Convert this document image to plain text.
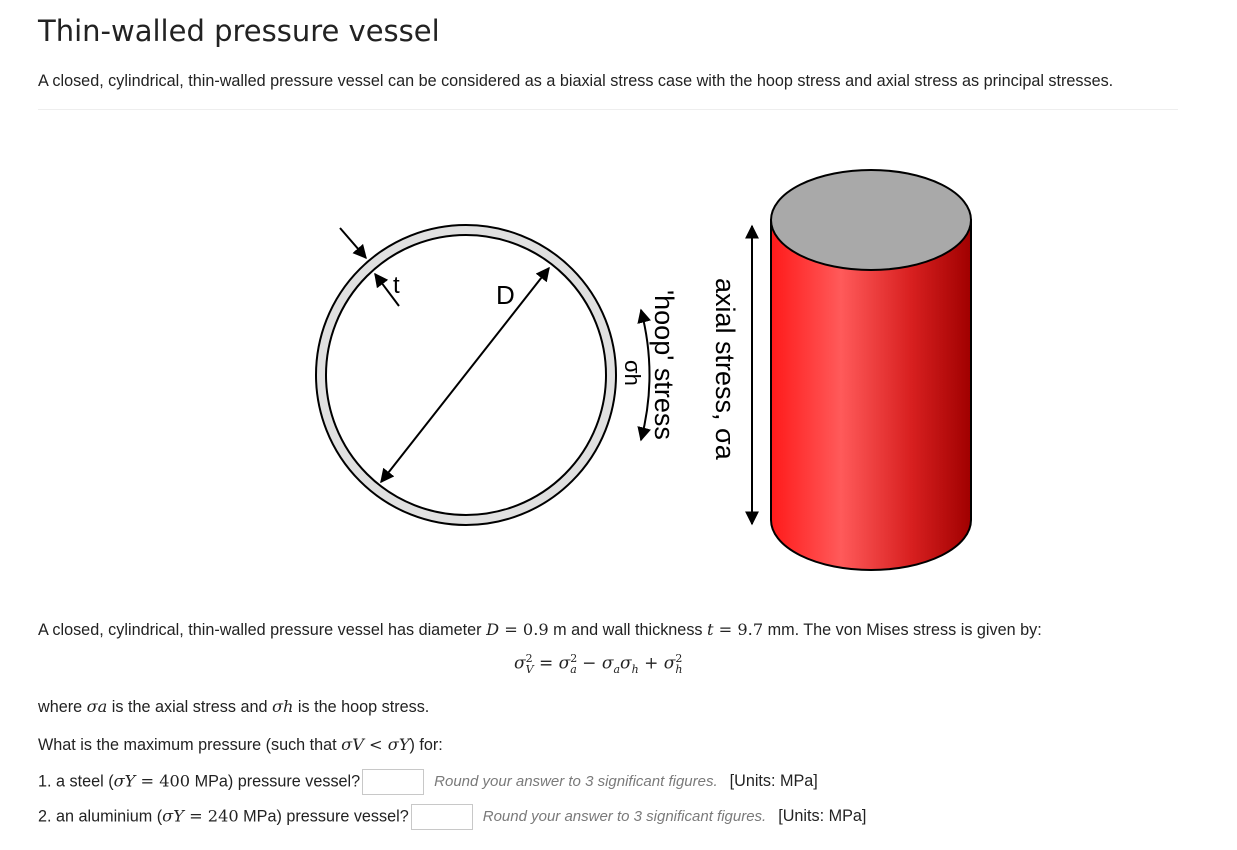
Thin-walled pressure vessel

A closed, cylindrical, thin-walled pressure vessel can be considered as a biaxial stress case with the hoop stress and axial stress as principal stresses.

t	D
σh 'hoop' stress axial stress, σa

A closed, cylindrical, thin-walled pressure vessel has diameter D = 0.9 m and wall thickness t = 9.7 mm. The von Mises stress is given by:

$\sigma^2_V = \sigma^2_a - \sigma_a\sigma_h + \sigma^2_h$

where σa is the axial stress and σh is the hoop stress.

What is the maximum pressure (such that σV < σY) for:

1. a steel (σY = 400 MPa) pressure vessel?	Round your answer to 3 significant figures. [Units: MPa]

2. an aluminium (σY = 240 MPa) pressure vessel?	Round your answer to 3 significant figures. [Units: MPa]
